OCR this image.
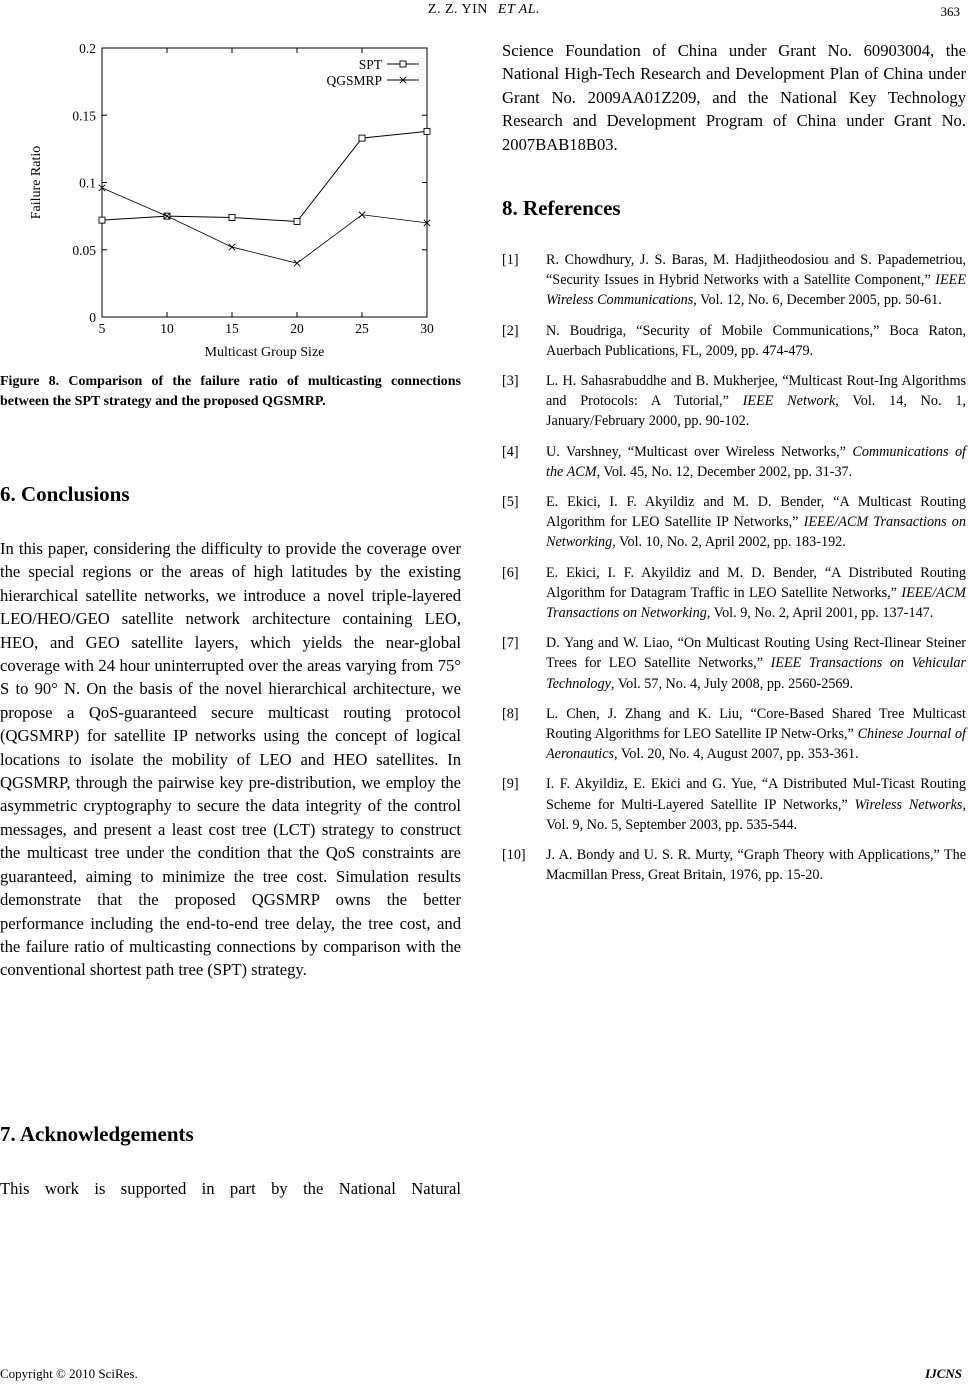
Z. Z. YIN ET AL.	363
5	10	15	20	25	30
0
0.05
0.1
0.15
0.2
Multicast Group Size
Failure Ratio
SPT
QGSMRP
Figure 8. Comparison of the failure ratio of multicasting connections between the SPT strategy and the proposed QGSMRP.
6. Conclusions

In this paper, considering the difficulty to provide the coverage over the special regions or the areas of high latitudes by the existing hierarchical satellite networks, we introduce a novel triple-layered LEO/HEO/GEO satellite network architecture containing LEO, HEO, and GEO satellite layers, which yields the near-global coverage with 24 hour uninterrupted over the areas varying from 75° S to 90° N. On the basis of the novel hierarchical architecture, we propose a QoS-guaranteed secure multicast routing protocol (QGSMRP) for satellite IP networks using the concept of logical locations to isolate the mobility of LEO and HEO satellites. In QGSMRP, through the pairwise key pre-distribution, we employ the asymmetric cryptography to secure the data integrity of the control messages, and present a least cost tree (LCT) strategy to construct the multicast tree under the condition that the QoS constraints are guaranteed, aiming to minimize the tree cost. Simulation results demonstrate that the proposed QGSMRP owns the better performance including the end-to-end tree delay, the tree cost, and the failure ratio of multicasting connections by comparison with the conventional shortest path tree (SPT) strategy.

7. Acknowledgements

This work is supported in part by the National Natural

Science Foundation of China under Grant No. 60903004, the National High-Tech Research and Development Plan of China under Grant No. 2009AA01Z209, and the National Key Technology Research and Development Program of China under Grant No. 2007BAB18B03.

8. References
[1] R. Chowdhury, J. S. Baras, M. Hadjitheodosiou and S. Papademetriou, “Security Issues in Hybrid Networks with a Satellite Component,” IEEE Wireless Communications, Vol. 12, No. 6, December 2005, pp. 50-61.
[2] N. Boudriga, “Security of Mobile Communications,” Boca Raton, Auerbach Publications, FL, 2009, pp. 474-479.
[3] L. H. Sahasrabuddhe and B. Mukherjee, “Multicast Rout-Ing Algorithms and Protocols: A Tutorial,” IEEE Network, Vol. 14, No. 1, January/February 2000, pp. 90-102.
[4] U. Varshney, “Multicast over Wireless Networks,” Communications of the ACM, Vol. 45, No. 12, December 2002, pp. 31-37.
[5] E. Ekici, I. F. Akyildiz and M. D. Bender, “A Multicast Routing Algorithm for LEO Satellite IP Networks,” IEEE/ACM Transactions on Networking, Vol. 10, No. 2, April 2002, pp. 183-192.
[6] E. Ekici, I. F. Akyildiz and M. D. Bender, “A Distributed Routing Algorithm for Datagram Traffic in LEO Satellite Networks,” IEEE/ACM Transactions on Networking, Vol. 9, No. 2, April 2001, pp. 137-147.
[7] D. Yang and W. Liao, “On Multicast Routing Using Rect-Ilinear Steiner Trees for LEO Satellite Networks,” IEEE Transactions on Vehicular Technology, Vol. 57, No. 4, July 2008, pp. 2560-2569.
[8] L. Chen, J. Zhang and K. Liu, “Core-Based Shared Tree Multicast Routing Algorithms for LEO Satellite IP Netw-Orks,” Chinese Journal of Aeronautics, Vol. 20, No. 4, August 2007, pp. 353-361.
[9] I. F. Akyildiz, E. Ekici and G. Yue, “A Distributed Mul-Ticast Routing Scheme for Multi-Layered Satellite IP Networks,” Wireless Networks, Vol. 9, No. 5, September 2003, pp. 535-544.
[10] J. A. Bondy and U. S. R. Murty, “Graph Theory with Applications,” The Macmillan Press, Great Britain, 1976, pp. 15-20.
Copyright © 2010 SciRes.	IJCNS
